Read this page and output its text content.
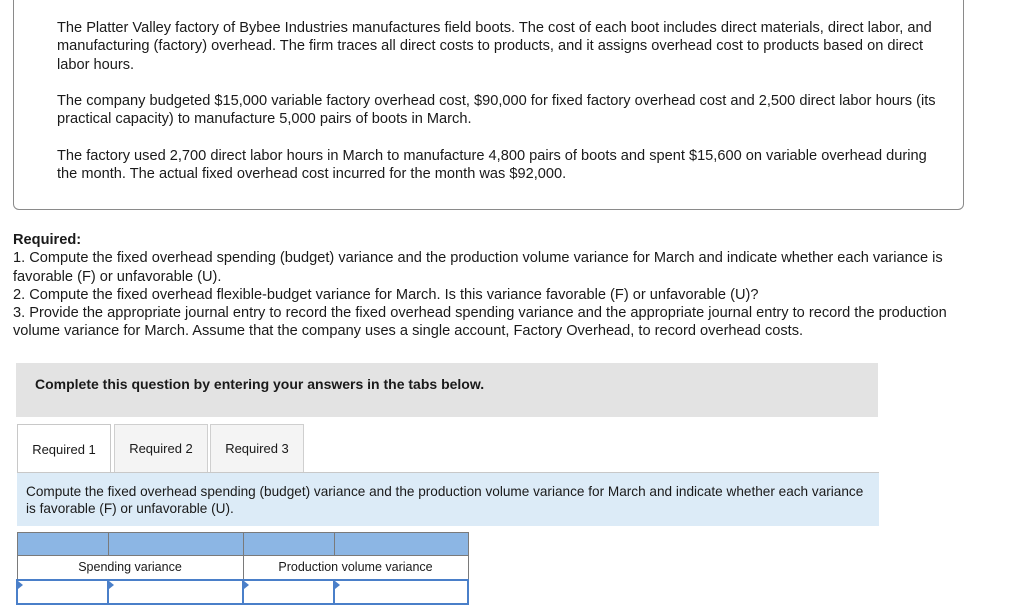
The Platter Valley factory of Bybee Industries manufactures field boots. The cost of each boot includes direct materials, direct labor, and manufacturing (factory) overhead. The firm traces all direct costs to products, and it assigns overhead cost to products based on direct labor hours.

The company budgeted $15,000 variable factory overhead cost, $90,000 for fixed factory overhead cost and 2,500 direct labor hours (its practical capacity) to manufacture 5,000 pairs of boots in March.

The factory used 2,700 direct labor hours in March to manufacture 4,800 pairs of boots and spent $15,600 on variable overhead during the month. The actual fixed overhead cost incurred for the month was $92,000.

Required:
1. Compute the fixed overhead spending (budget) variance and the production volume variance for March and indicate whether each variance is favorable (F) or unfavorable (U).
2. Compute the fixed overhead flexible-budget variance for March. Is this variance favorable (F) or unfavorable (U)?
3. Provide the appropriate journal entry to record the fixed overhead spending variance and the appropriate journal entry to record the production volume variance for March. Assume that the company uses a single account, Factory Overhead, to record overhead costs.
Complete this question by entering your answers in the tabs below.
Required 1	Required 2	Required 3
Compute the fixed overhead spending (budget) variance and the production volume variance for March and indicate whether each variance is favorable (F) or unfavorable (U).

Spending variance		Production volume variance	
